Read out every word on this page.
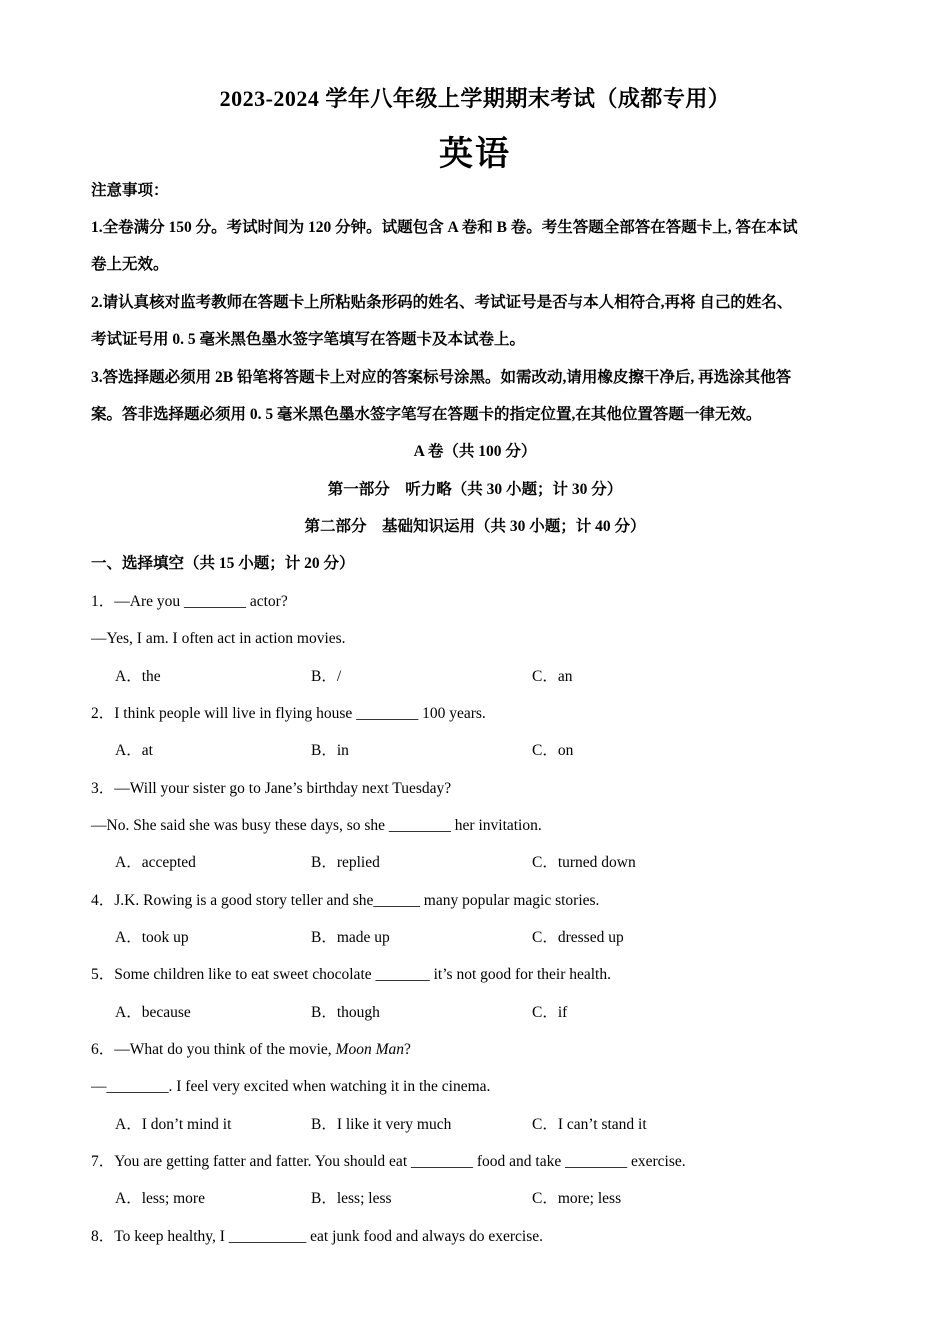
2023-2024 学年八年级上学期期末考试（成都专用）
英语
注意事项：
1.全卷满分 150 分。考试时间为 120 分钟。试题包含 A 卷和 B 卷。考生答题全部答在答题卡上, 答在本试
卷上无效。
2.请认真核对监考教师在答题卡上所粘贴条形码的姓名、考试证号是否与本人相符合,再将 自己的姓名、
考试证号用 0. 5 毫米黑色墨水签字笔填写在答题卡及本试卷上。
3.答选择题必须用 2B 铅笔将答题卡上对应的答案标号涂黑。如需改动,请用橡皮擦干净后, 再选涂其他答
案。答非选择题必须用 0. 5 毫米黑色墨水签字笔写在答题卡的指定位置,在其他位置答题一律无效。
A 卷（共 100 分）
第一部分　听力略（共 30 小题；计 30 分）
第二部分　基础知识运用（共 30 小题；计 40 分）
一、选择填空（共 15 小题；计 20 分）
1．—Are you ________ actor?
—Yes, I am. I often act in action movies.
A．the	B．/	C．an
2．I think people will live in flying house ________ 100 years.
A．at	B．in	C．on
3．—Will your sister go to Jane’s birthday next Tuesday?
—No. She said she was busy these days, so she ________ her invitation.
A．accepted	B．replied	C．turned down
4．J.K. Rowing is a good story teller and she______ many popular magic stories.
A．took up	B．made up	C．dressed up
5．Some children like to eat sweet chocolate _______ it’s not good for their health.
A．because	B．though	C．if
6．—What do you think of the movie, Moon Man?
—________. I feel very excited when watching it in the cinema.
A．I don’t mind it	B．I like it very much	C．I can’t stand it
7．You are getting fatter and fatter. You should eat ________ food and take ________ exercise.
A．less; more	B．less; less	C．more; less
8．To keep healthy, I __________ eat junk food and always do exercise.
